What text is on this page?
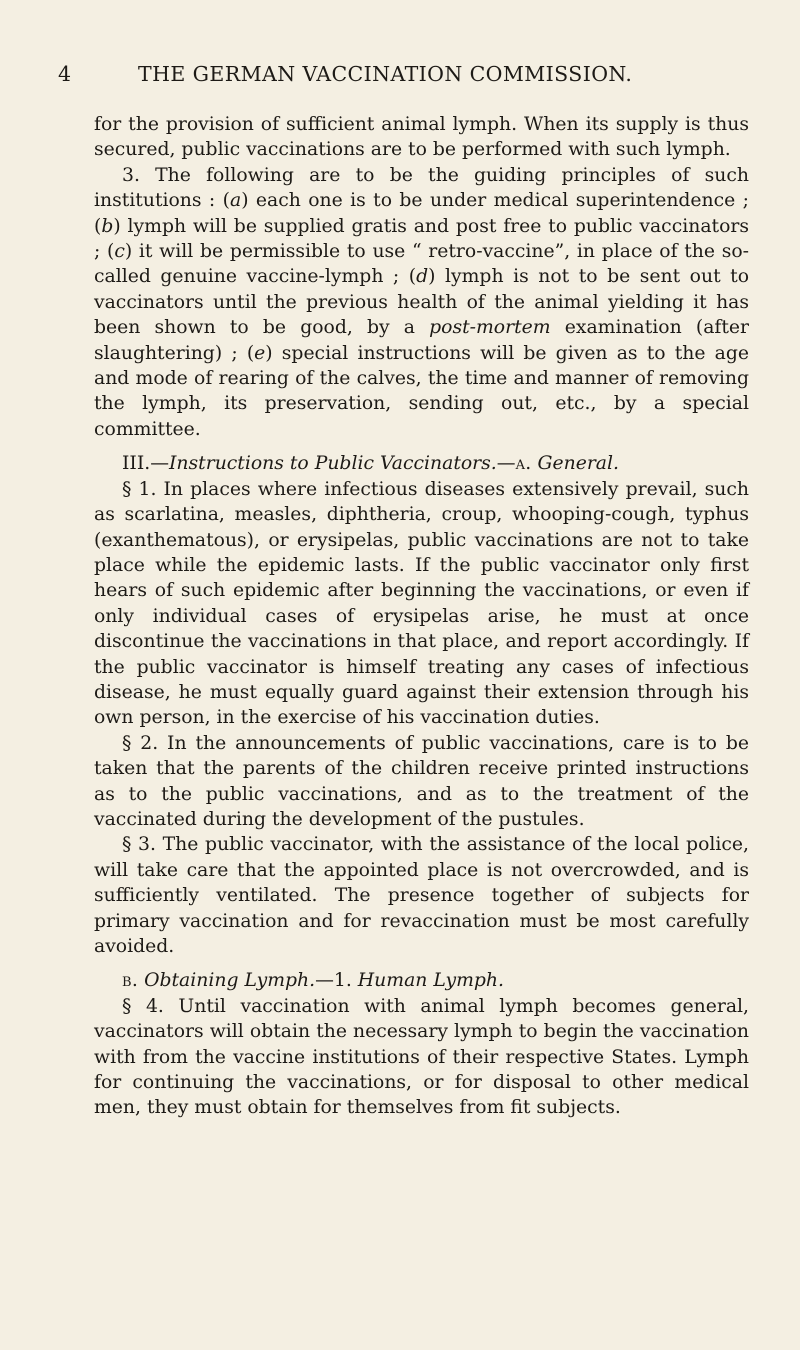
4	THE GERMAN VACCINATION COMMISSION.

for the provision of sufficient animal lymph. When its supply is thus secured, public vaccinations are to be performed with such lymph.

3. The following are to be the guiding principles of such institutions : (a) each one is to be under medical superintendence ; (b) lymph will be supplied gratis and post free to public vaccinators ; (c) it will be permissible to use “ retro-vaccine”, in place of the so-called genuine vaccine-lymph ; (d) lymph is not to be sent out to vaccinators until the previous health of the animal yielding it has been shown to be good, by a post-mortem examination (after slaughtering) ; (e) special instructions will be given as to the age and mode of rearing of the calves, the time and manner of removing the lymph, its preservation, sending out, etc., by a special committee.

III.—Instructions to Public Vaccinators.—a. General.

§ 1. In places where infectious diseases extensively prevail, such as scarlatina, measles, diphtheria, croup, whooping-cough, typhus (exanthematous), or erysipelas, public vaccinations are not to take place while the epidemic lasts. If the public vaccinator only first hears of such epidemic after beginning the vaccinations, or even if only individual cases of erysipelas arise, he must at once discontinue the vaccinations in that place, and report accordingly. If the public vaccinator is himself treating any cases of infectious disease, he must equally guard against their extension through his own person, in the exercise of his vaccination duties.

§ 2. In the announcements of public vaccinations, care is to be taken that the parents of the children receive printed instructions as to the public vaccinations, and as to the treatment of the vaccinated during the development of the pustules.

§ 3. The public vaccinator, with the assistance of the local police, will take care that the appointed place is not overcrowded, and is sufficiently ventilated. The presence together of subjects for primary vaccination and for revaccination must be most carefully avoided.

b. Obtaining Lymph.—1. Human Lymph.

§ 4. Until vaccination with animal lymph becomes general, vaccinators will obtain the necessary lymph to begin the vaccination with from the vaccine institutions of their respective States. Lymph for continuing the vaccinations, or for disposal to other medical men, they must obtain for themselves from fit subjects.
